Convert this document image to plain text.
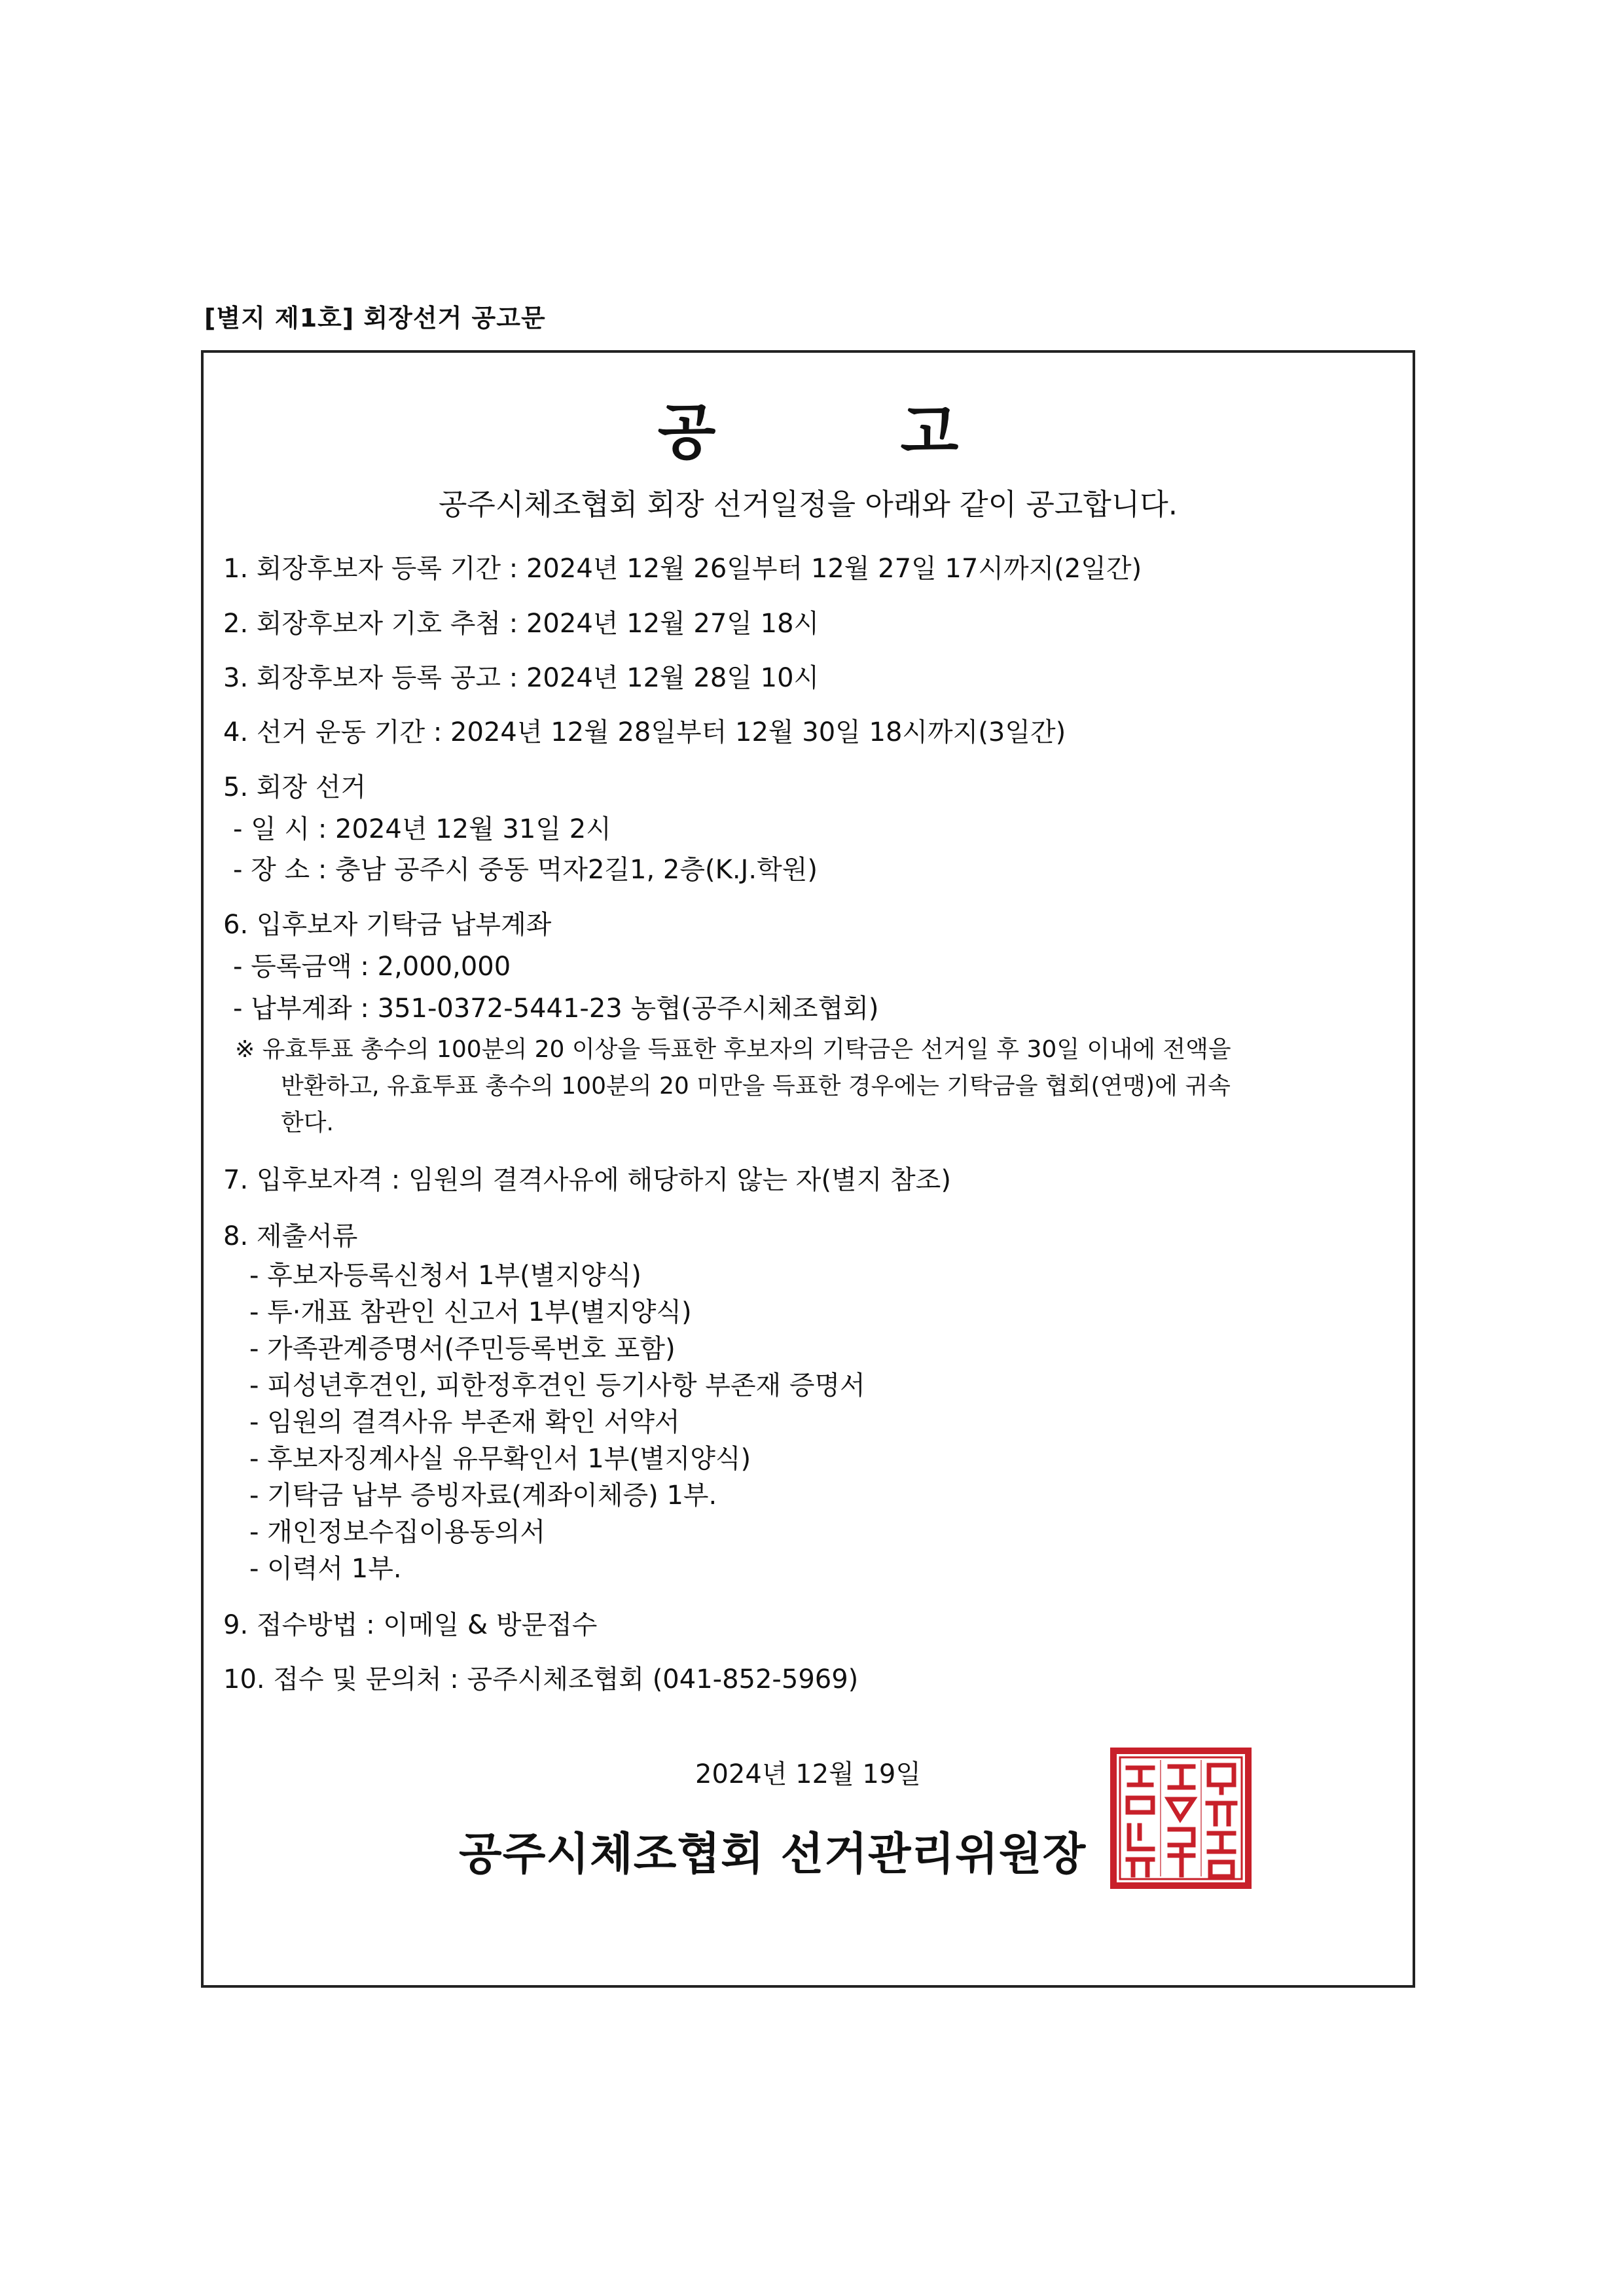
[별지 제1호] 회장선거 공고문
공 고
공주시체조협회 회장 선거일정을 아래와 같이 공고합니다.
1. 회장후보자 등록 기간 : 2024년 12월 26일부터 12월 27일 17시까지(2일간)
2. 회장후보자 기호 추첨 : 2024년 12월 27일 18시
3. 회장후보자 등록 공고 : 2024년 12월 28일 10시
4. 선거 운동 기간 : 2024년 12월 28일부터 12월 30일 18시까지(3일간)
5. 회장 선거
- 일 시 : 2024년 12월 31일 2시
- 장 소 : 충남 공주시 중동 먹자2길1, 2층(K.J.학원)
6. 입후보자 기탁금 납부계좌
- 등록금액 : 2,000,000
- 납부계좌 : 351-0372-5441-23 농협(공주시체조협회)
※ 유효투표 총수의 100분의 20 이상을 득표한 후보자의 기탁금은 선거일 후 30일 이내에 전액을
반환하고, 유효투표 총수의 100분의 20 미만을 득표한 경우에는 기탁금을 협회(연맹)에 귀속
한다.
7. 입후보자격 : 임원의 결격사유에 해당하지 않는 자(별지 참조)
8. 제출서류
- 후보자등록신청서 1부(별지양식)
- 투·개표 참관인 신고서 1부(별지양식)
- 가족관계증명서(주민등록번호 포함)
- 피성년후견인, 피한정후견인 등기사항 부존재 증명서
- 임원의 결격사유 부존재 확인 서약서
- 후보자징계사실 유무확인서 1부(별지양식)
- 기탁금 납부 증빙자료(계좌이체증) 1부.
- 개인정보수집이용동의서
- 이력서 1부.
9. 접수방법 : 이메일 & 방문접수
10. 접수 및 문의처 : 공주시체조협회 (041-852-5969)
2024년 12월 19일
공주시체조협회 선거관리위원장
